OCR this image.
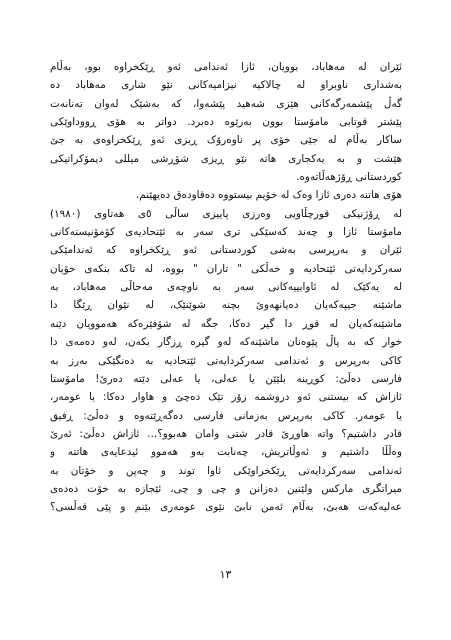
ئێران لە مەهاباد، بوویان، ئازا ئەندامی ئەو ڕێکخراوە بوو، بەڵام
بەشداری ناوبراو لە چالاکیە نیزامیەکانی نێو شاری مەهاباد دە
گەڵ پێشمەرگەکانی هێزی شەهید پێشەوا، کە بەشێک لەوان تەنانەت
پێشتر قوتابی مامۆستا بوون بەرێوە دەبرد. دواتر بە هۆی ڕووداوێکی
ساکار بەڵام لە جێی خۆی پر ناوەرۆک ڕیزی ئەو ڕێکخراوەی بە جێ
هێشت و بە یەکجاری هاتە نێو ڕیزی شۆڕشی میللی دیمۆکراتیکی
کوردستانی ڕۆژهەڵاتەوە.
هۆی هاتنە دەری ئازا وەک لە خۆیم بیستووە دەقاودەق دەیهێنم.
لە ڕۆژنیکی قورچڵاویی وەرزی پاییزی ساڵی ٥ی هەتاوی (١٩٨٠)
مامۆستا ئازا و چەند کەسێکی تری سەر بە ئێتحادیەی کۆمۆنیستەکانی
ئێران و بەرپرسی بەشی کوردستانی ئەو ڕێکخراوە کە ئەندامێکی
سەرکردایەتی ئێتحادیە و خەڵکی " تاران " بووە، لە تاکە بنکەی خۆیان
لە یەکێک لە ئاوایییەکانی سەر بە ناوچەی مەحاڵی مەهاباد، بە
ماشێنە جیپەکەیان دەیانهەوێ بچنە شوێنێک، لە نێوان ڕێگا دا
ماشێنەکەیان لە قوڕ دا گیر دەکا، جگە لە شۆفێرەکە هەموویان دێنە
خوار کە بە پاڵ پێوەنان ماشێنەکە لەو گیرە ڕزگار بکەن، لەو دەمەی دا
کاکی بەرپرس و ئەندامی سەرکردایەتی ئێتحادیە بە دەنگێکی بەرز بە
فارسی دەڵێ: کوڕینە بلێێن یا عەلی، یا عەلی دێتە دەرێ! مامۆستا
ئازاش کە بیستنی ئەو دروشمە زۆر تێک دەچێ و هاوار دەکا: یا عومەر،
یا عومەر. کاکی بەرپرس بەزمانی فارسی دەگەڕێتەوە و دەڵێ: ڕفیق
قادر داشتیم؟ واتە هاوڕێ قادر شتی وامان هەبوو؟... ئازاش دەڵێ: ئەرێ
وەڵڵا داشتیم و ئەوڵاتریش، چەنابت بەو هەموو ئیدعایەی هاتتە و
ئەندامی سەرکردایەتی ڕێکخراوێکی ئاوا توند و چەپن و خۆتان بە
میراتگری مارکس ولێنین دەزانن و چی و چی، ئێجازە بە خۆت دەدەی
عەلیەکەت هەبێ، بەڵام ئەمن نابێ نێوی عومەری بێنم و پێی قەڵسی؟
١٣
